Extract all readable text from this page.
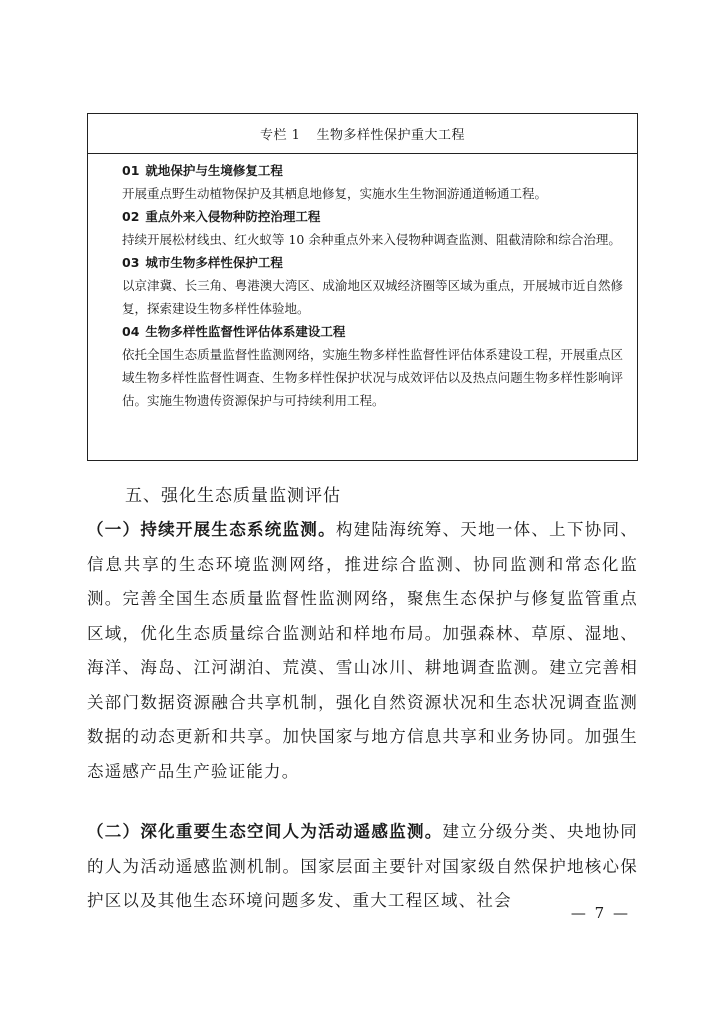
专栏 1 生物多样性保护重大工程

01 就地保护与生境修复工程

开展重点野生动植物保护及其栖息地修复，实施水生生物洄游通道畅通工程。

02 重点外来入侵物种防控治理工程

持续开展松材线虫、红火蚁等 10 余种重点外来入侵物种调查监测、阻截清除和综合治理。

03 城市生物多样性保护工程

以京津冀、长三角、粤港澳大湾区、成渝地区双城经济圈等区域为重点，开展城市近自然修复，探索建设生物多样性体验地。

04 生物多样性监督性评估体系建设工程

依托全国生态质量监督性监测网络，实施生物多样性监督性评估体系建设工程，开展重点区域生物多样性监督性调查、生物多样性保护状况与成效评估以及热点问题生物多样性影响评估。实施生物遗传资源保护与可持续利用工程。

五、强化生态质量监测评估
（一）持续开展生态系统监测。构建陆海统筹、天地一体、上下协同、信息共享的生态环境监测网络，推进综合监测、协同监测和常态化监测。完善全国生态质量监督性监测网络，聚焦生态保护与修复监管重点区域，优化生态质量综合监测站和样地布局。加强森林、草原、湿地、海洋、海岛、江河湖泊、荒漠、雪山冰川、耕地调查监测。建立完善相关部门数据资源融合共享机制，强化自然资源状况和生态状况调查监测数据的动态更新和共享。加快国家与地方信息共享和业务协同。加强生态遥感产品生产验证能力。
（二）深化重要生态空间人为活动遥感监测。建立分级分类、央地协同的人为活动遥感监测机制。国家层面主要针对国家级自然保护地核心保护区以及其他生态环境问题多发、重大工程区域、社会
— 7 —
